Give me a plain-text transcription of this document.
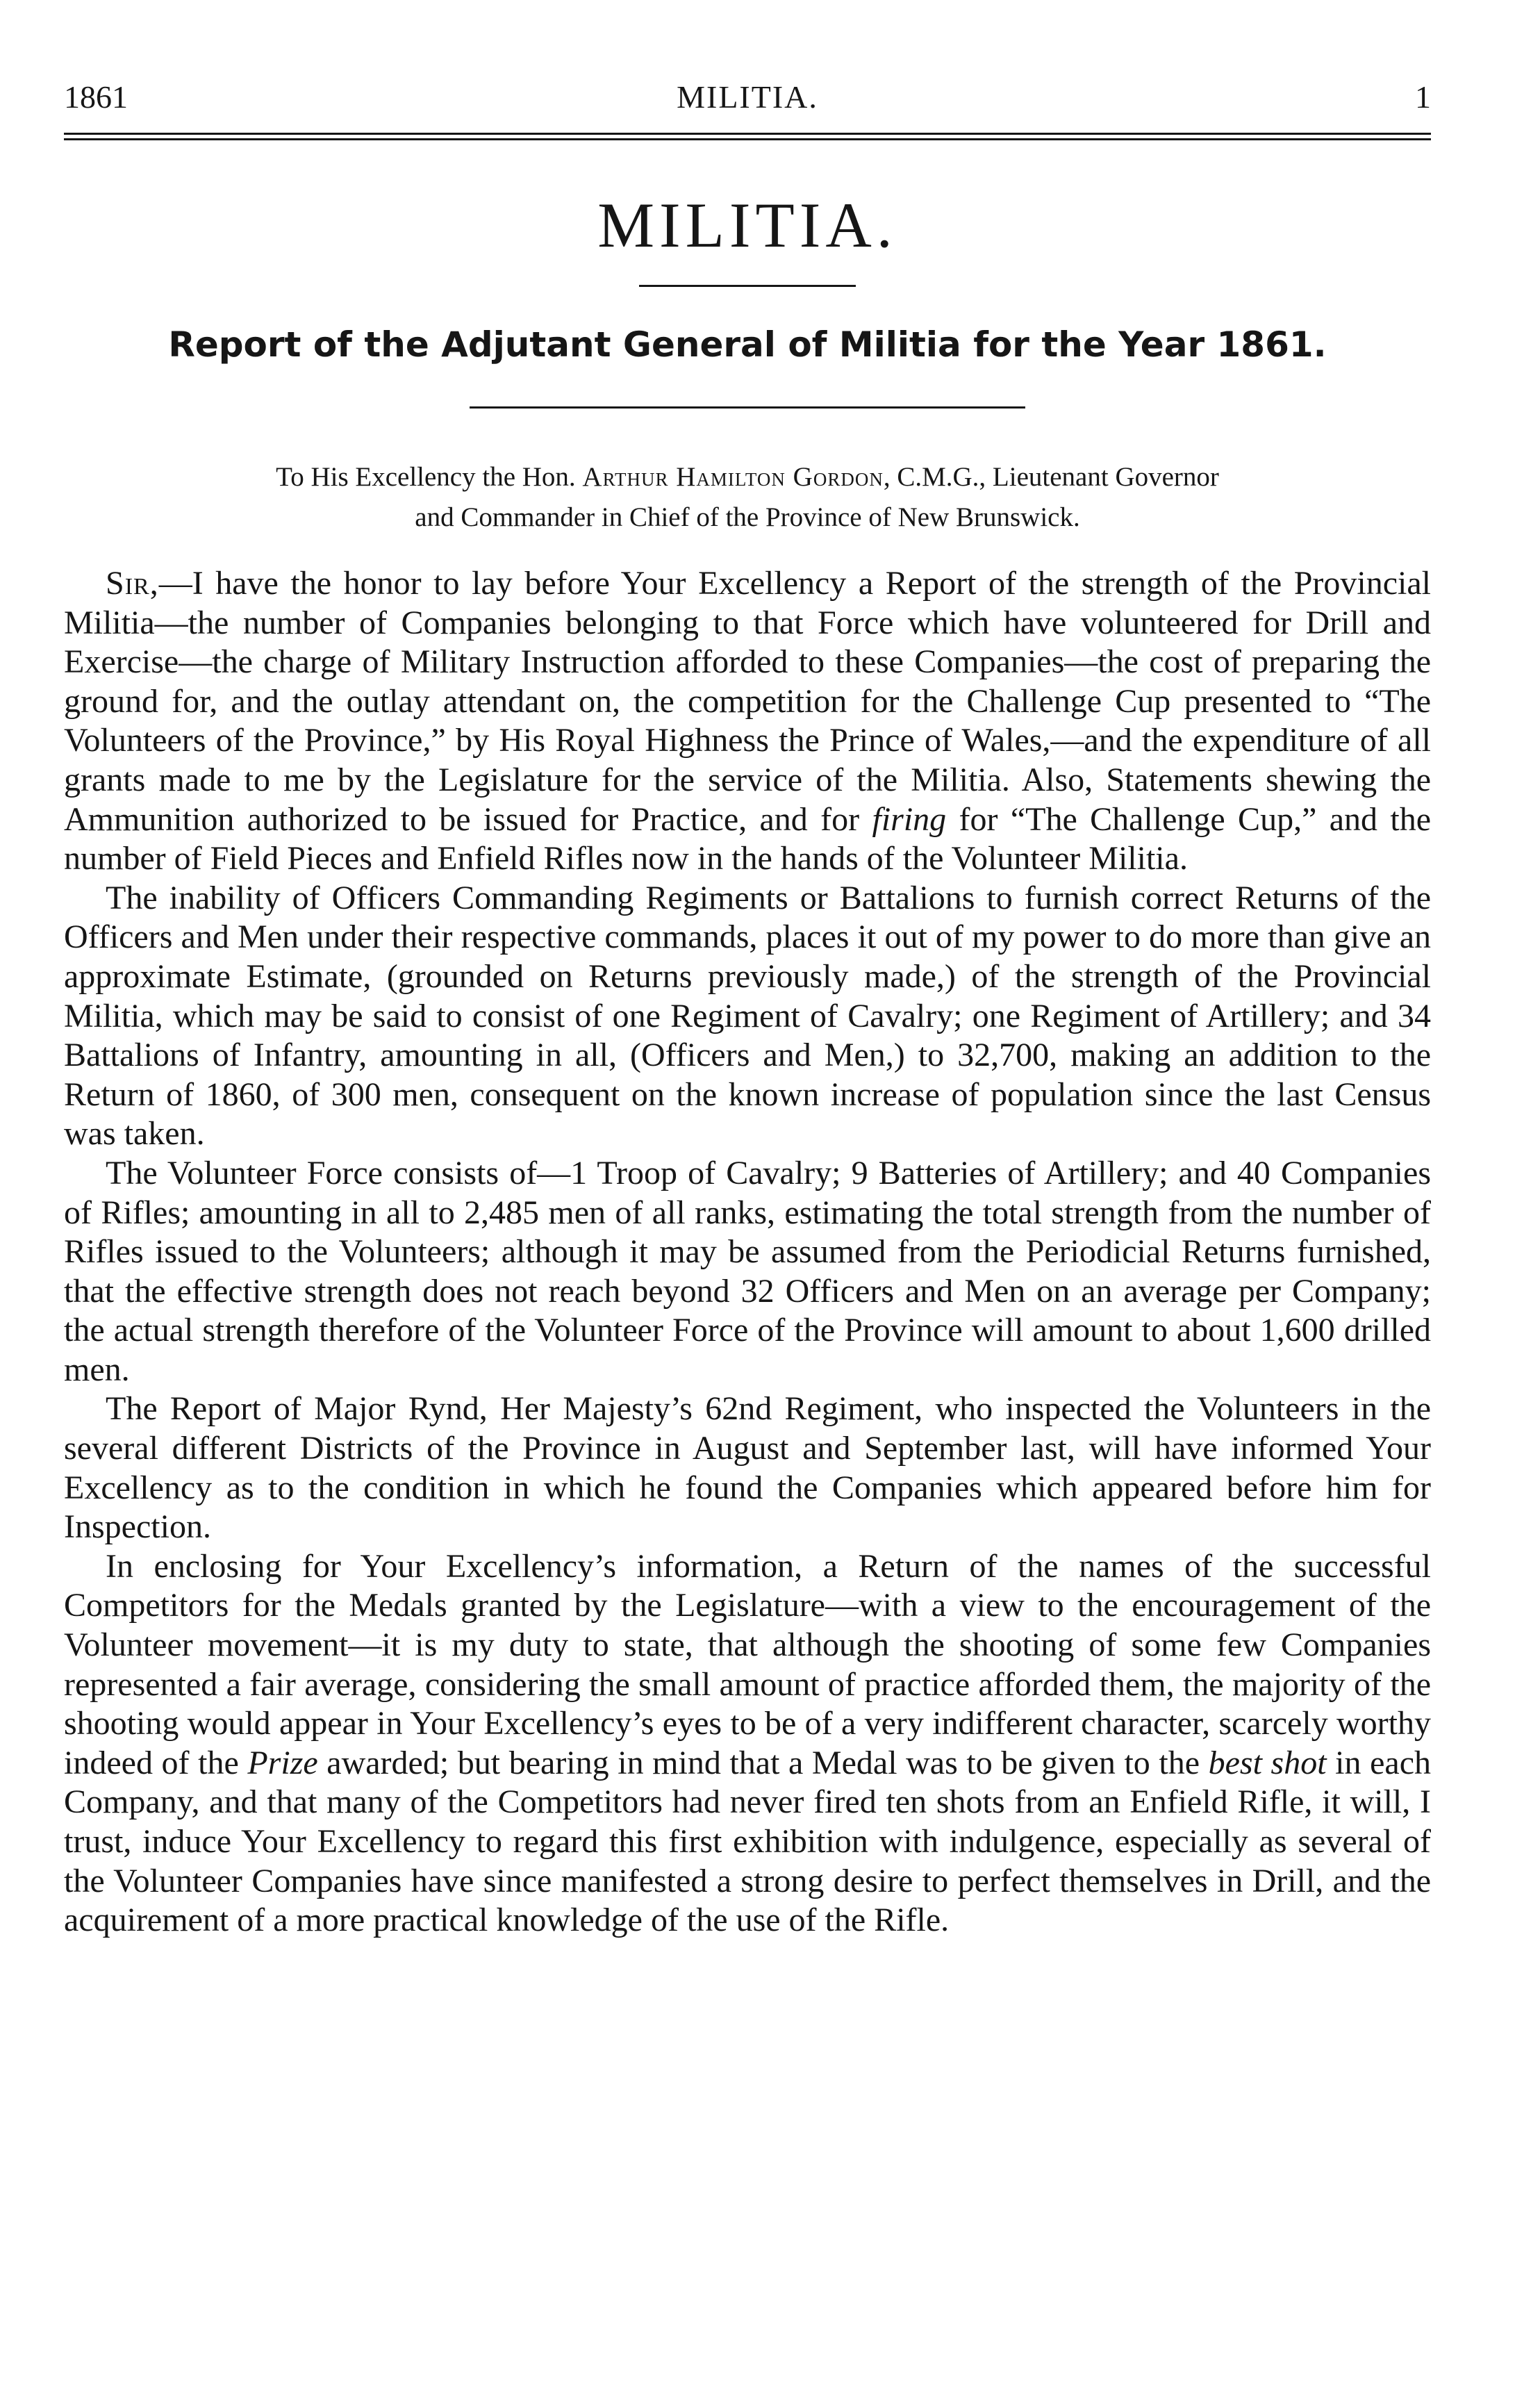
1861	MILITIA.	1
MILITIA.
Report of the Adjutant General of Militia for the Year 1861.
To His Excellency the Hon. Arthur Hamilton Gordon, C.M.G., Lieutenant Governor
and Commander in Chief of the Province of New Brunswick.

Sir,—I have the honor to lay before Your Excellency a Report of the strength of the Provincial Militia—the number of Companies belonging to that Force which have volunteered for Drill and Exercise—the charge of Military Instruction afforded to these Companies—the cost of preparing the ground for, and the outlay attendant on, the competition for the Challenge Cup presented to “The Volunteers of the Province,” by His Royal Highness the Prince of Wales,—and the expenditure of all grants made to me by the Legislature for the service of the Militia. Also, Statements shewing the Ammunition authorized to be issued for Practice, and for firing for “The Challenge Cup,” and the number of Field Pieces and Enfield Rifles now in the hands of the Volunteer Militia.

The inability of Officers Commanding Regiments or Battalions to furnish correct Returns of the Officers and Men under their respective commands, places it out of my power to do more than give an approximate Estimate, (grounded on Returns previously made,) of the strength of the Provincial Militia, which may be said to consist of one Regiment of Cavalry; one Regiment of Artillery; and 34 Battalions of Infantry, amounting in all, (Officers and Men,) to 32,700, making an addition to the Return of 1860, of 300 men, consequent on the known increase of population since the last Census was taken.

The Volunteer Force consists of—1 Troop of Cavalry; 9 Batteries of Artillery; and 40 Companies of Rifles; amounting in all to 2,485 men of all ranks, estimating the total strength from the number of Rifles issued to the Volunteers; although it may be assumed from the Periodicial Returns furnished, that the effective strength does not reach beyond 32 Officers and Men on an average per Company; the actual strength therefore of the Volunteer Force of the Province will amount to about 1,600 drilled men.

The Report of Major Rynd, Her Majesty’s 62nd Regiment, who inspected the Volunteers in the several different Districts of the Province in August and September last, will have informed Your Excellency as to the condition in which he found the Companies which appeared before him for Inspection.

In enclosing for Your Excellency’s information, a Return of the names of the successful Competitors for the Medals granted by the Legislature—with a view to the encouragement of the Volunteer movement—it is my duty to state, that although the shooting of some few Companies represented a fair average, considering the small amount of practice afforded them, the majority of the shooting would appear in Your Excellency’s eyes to be of a very indifferent character, scarcely worthy indeed of the Prize awarded; but bearing in mind that a Medal was to be given to the best shot in each Company, and that many of the Competitors had never fired ten shots from an Enfield Rifle, it will, I trust, induce Your Excellency to regard this first exhibition with indulgence, especially as several of the Volunteer Companies have since manifested a strong desire to perfect themselves in Drill, and the acquirement of a more practical knowledge of the use of the Rifle.
